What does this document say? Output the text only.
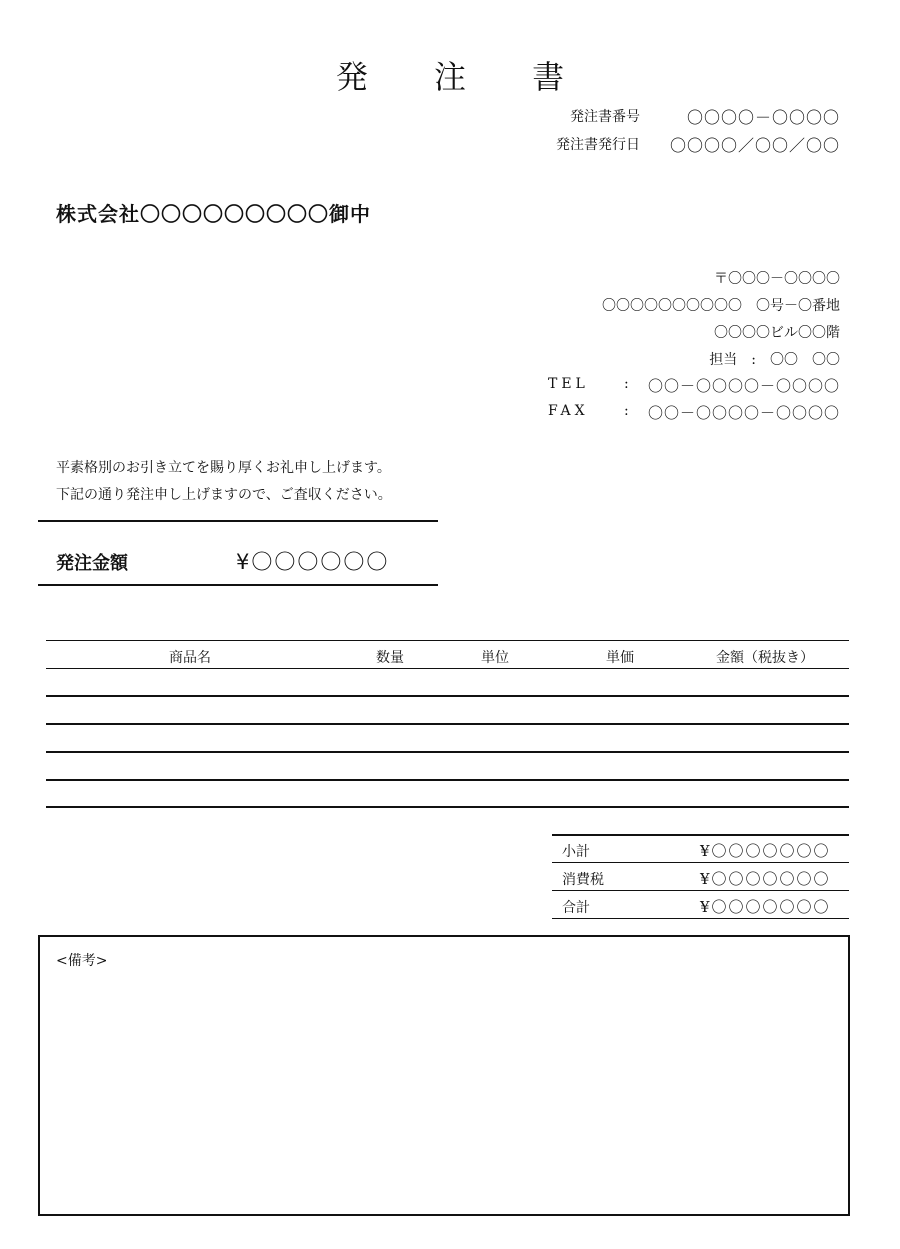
発 注 書
発注書番号	〇〇〇〇－〇〇〇〇
発注書発行日	〇〇〇〇／〇〇／〇〇
株式会社〇〇〇〇〇〇〇〇〇御中
〒〇〇〇－〇〇〇〇
〇〇〇〇〇〇〇〇〇〇　〇号－〇番地
〇〇〇〇ビル〇〇階
担当　:　〇〇　〇〇
TEL	: 〇〇－〇〇〇〇－〇〇〇〇
FAX	: 〇〇－〇〇〇〇－〇〇〇〇
平素格別のお引き立てを賜り厚くお礼申し上げます。
下記の通り発注申し上げますので、ご査収ください。
発注金額	¥〇〇〇〇〇〇
商品名	数量	単位	単価	金額（税抜き）
小計	¥〇〇〇〇〇〇〇
消費税	¥〇〇〇〇〇〇〇
合計	¥〇〇〇〇〇〇〇
<備考>
